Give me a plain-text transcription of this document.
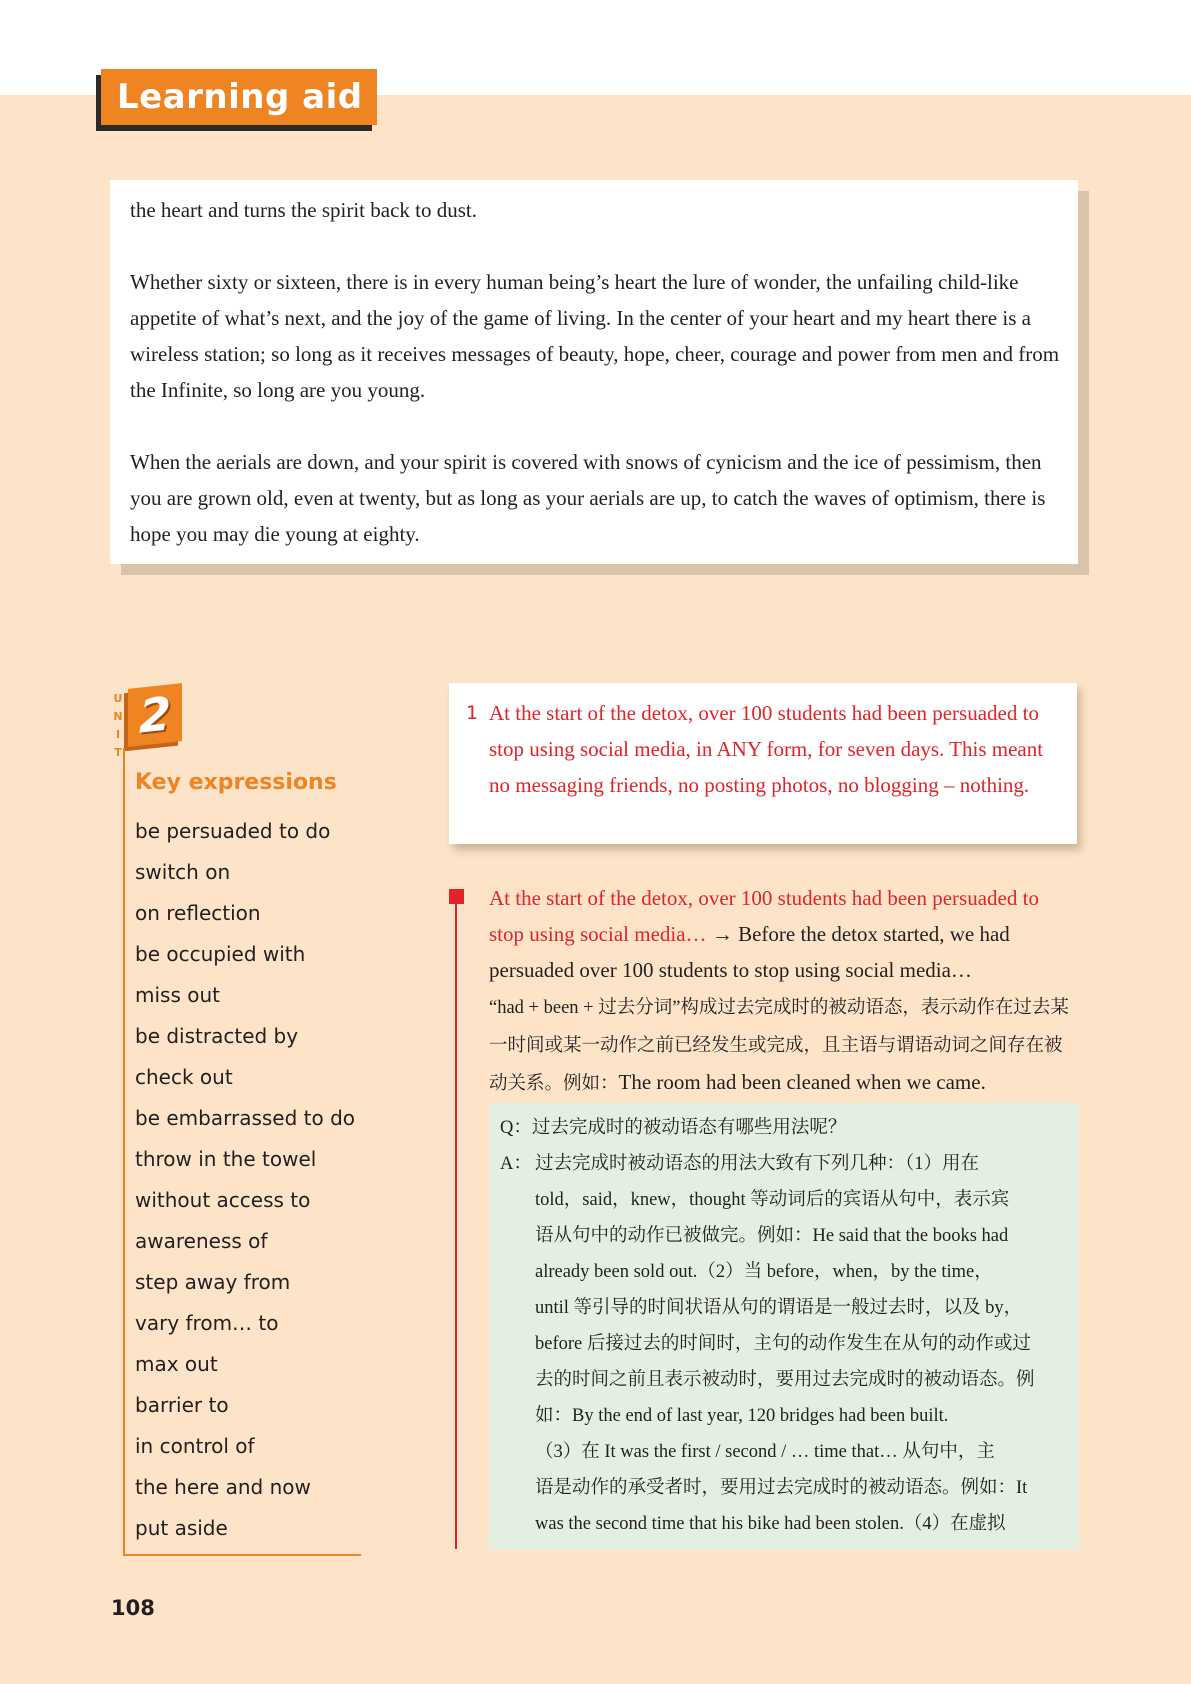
Learning aid

the heart and turns the spirit back to dust.

Whether sixty or sixteen, there is in every human being’s heart the lure of wonder, the unfailing child-like appetite of what’s next, and the joy of the game of living. In the center of your heart and my heart there is a wireless station; so long as it receives messages of beauty, hope, cheer, courage and power from men and from the Infinite, so long are you young.

When the aerials are down, and your spirit is covered with snows of cynicism and the ice of pessimism, then you are grown old, even at twenty, but as long as your aerials are up, to catch the waves of optimism, there is hope you may die young at eighty.

U
N
I
T
2
Key expressions
be persuaded to do
switch on
on reflection
be occupied with
miss out
be distracted by
check out
be embarrassed to do
throw in the towel
without access to
awareness of
step away from
vary from… to
max out
barrier to
in control of
the here and now
put aside
1 At the start of the detox, over 100 students had been persuaded to stop using social media, in ANY form, for seven days. This meant no messaging friends, no posting photos, no blogging – nothing.

At the start of the detox, over 100 students had been persuaded to stop using social media… → Before the detox started, we had persuaded over 100 students to stop using social media…
“had + been + 过去分词”构成过去完成时的被动语态，表示动作在过去某一时间或某一动作之前已经发生或完成，且主语与谓语动词之间存在被动关系。例如：The room had been cleaned when we came.

Q：过去完成时的被动语态有哪些用法呢？

A： 过去完成时被动语态的用法大致有下列几种：（1）用在
told，said，knew，thought 等动词后的宾语从句中，表示宾
语从句中的动作已被做完。例如：He said that the books had
already been sold out.（2）当 before，when，by the time，
until 等引导的时间状语从句的谓语是一般过去时，以及 by，
before 后接过去的时间时，主句的动作发生在从句的动作或过
去的时间之前且表示被动时，要用过去完成时的被动语态。例
如：By the end of last year, 120 bridges had been built.
（3）在 It was the first / second / … time that… 从句中，主
语是动作的承受者时，要用过去完成时的被动语态。例如：It
was the second time that his bike had been stolen.（4）在虚拟
108
